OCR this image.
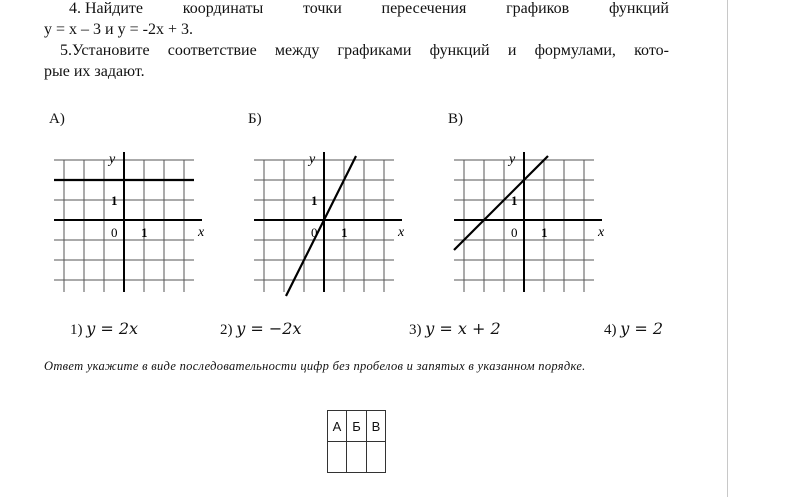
4. Найдите координаты точки пересечения графиков функций
y = x – 3 и y = -2x + 3.
5.Установите соответствие между графиками функций и формулами, кото-
рые их задают.
А)	Б)	В)
y
x
0 1
1
y
x
0 1
1
y
x
0 1
1
1) y = 2x	2) y = −2x	3) y = x + 2	4) y = 2
Ответ укажите в виде последовательности цифр без пробелов и запятых в указанном порядке.
А	Б	В
